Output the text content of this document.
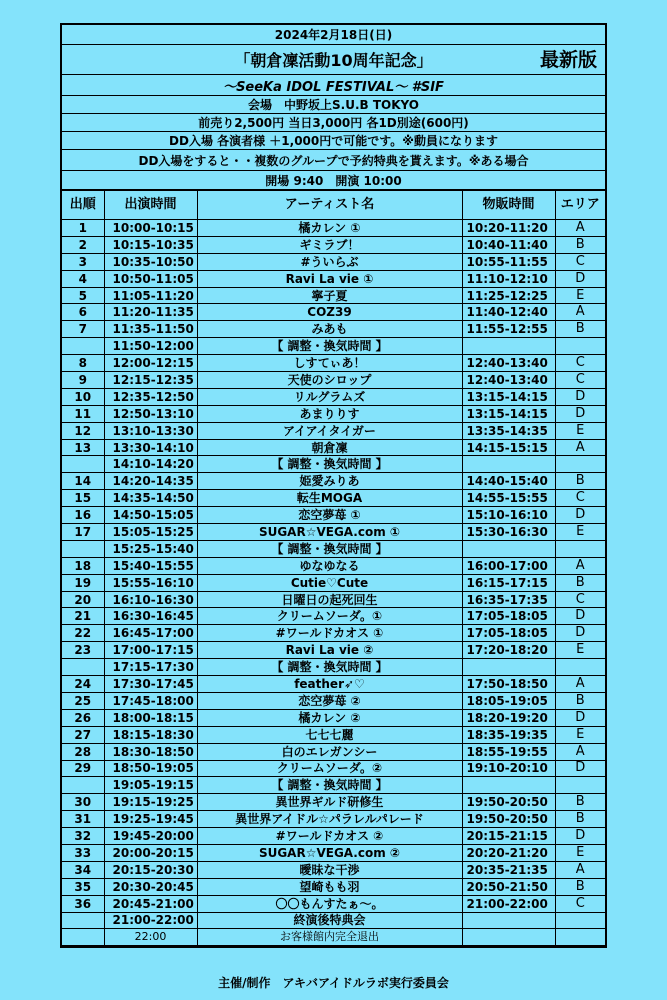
2024年2月18日(日)
「朝倉凜活動10周年記念」	最新版
〜SeeKa IDOL FESTIVAL〜 #SIF
会場　中野坂上S.U.B TOKYO
前売り2,500円 当日3,000円 各1D別途(600円)
DD入場 各演者様 ＋1,000円で可能です。※動員になります
DD入場をすると・・複数のグループで予約特典を貰えます。※ある場合
開場 9:40　開演 10:00
出順	出演時間	アーティスト名	物販時間	エリア
1	10:00-10:15	橘カレン ①	10:20-11:20	A
2	10:15-10:35	ギミラブ！	10:40-11:40	B
3	10:35-10:50	#ういらぶ	10:55-11:55	C
4	10:50-11:05	Ravi La vie ①	11:10-12:10	D
5	11:05-11:20	寧子夏	11:25-12:25	E
6	11:20-11:35	COZ39	11:40-12:40	A
7	11:35-11:50	みあも	11:55-12:55	B
	11:50-12:00	【 調整・換気時間 】		
8	12:00-12:15	しすてぃあ！	12:40-13:40	C
9	12:15-12:35	天使のシロップ	12:40-13:40	C
10	12:35-12:50	リルグラムズ	13:15-14:15	D
11	12:50-13:10	あまりりす	13:15-14:15	D
12	13:10-13:30	アイアイタイガー	13:35-14:35	E
13	13:30-14:10	朝倉凜	14:15-15:15	A
	14:10-14:20	【 調整・換気時間 】		
14	14:20-14:35	姫愛みりあ	14:40-15:40	B
15	14:35-14:50	転生MOGA	14:55-15:55	C
16	14:50-15:05	恋空夢苺 ①	15:10-16:10	D
17	15:05-15:25	SUGAR☆VEGA.com ①	15:30-16:30	E
	15:25-15:40	【 調整・換気時間 】		
18	15:40-15:55	ゆなゆなる	16:00-17:00	A
19	15:55-16:10	Cutie♡Cute	16:15-17:15	B
20	16:10-16:30	日曜日の起死回生	16:35-17:35	C
21	16:30-16:45	クリームソーダ。①	17:05-18:05	D
22	16:45-17:00	#ワールドカオス ①	17:05-18:05	D
23	17:00-17:15	Ravi La vie ②	17:20-18:20	E
	17:15-17:30	【 調整・換気時間 】		
24	17:30-17:45	feather➶♡	17:50-18:50	A
25	17:45-18:00	恋空夢苺 ②	18:05-19:05	B
26	18:00-18:15	橘カレン ②	18:20-19:20	D
27	18:15-18:30	七七七麗	18:35-19:35	E
28	18:30-18:50	白のエレガンシー	18:55-19:55	A
29	18:50-19:05	クリームソーダ。②	19:10-20:10	D
	19:05-19:15	【 調整・換気時間 】		
30	19:15-19:25	異世界ギルド研修生	19:50-20:50	B
31	19:25-19:45	異世界アイドル☆パラレルパレード	19:50-20:50	B
32	19:45-20:00	#ワールドカオス ②	20:15-21:15	D
33	20:00-20:15	SUGAR☆VEGA.com ②	20:20-21:20	E
34	20:15-20:30	曖昧な干渉	20:35-21:35	A
35	20:30-20:45	望崎もも羽	20:50-21:50	B
36	20:45-21:00	〇〇もんすたぁ〜。	21:00-22:00	C
	21:00-22:00	終演後特典会		
	22:00	お客様館内完全退出		
主催/制作　アキバアイドルラボ実行委員会
